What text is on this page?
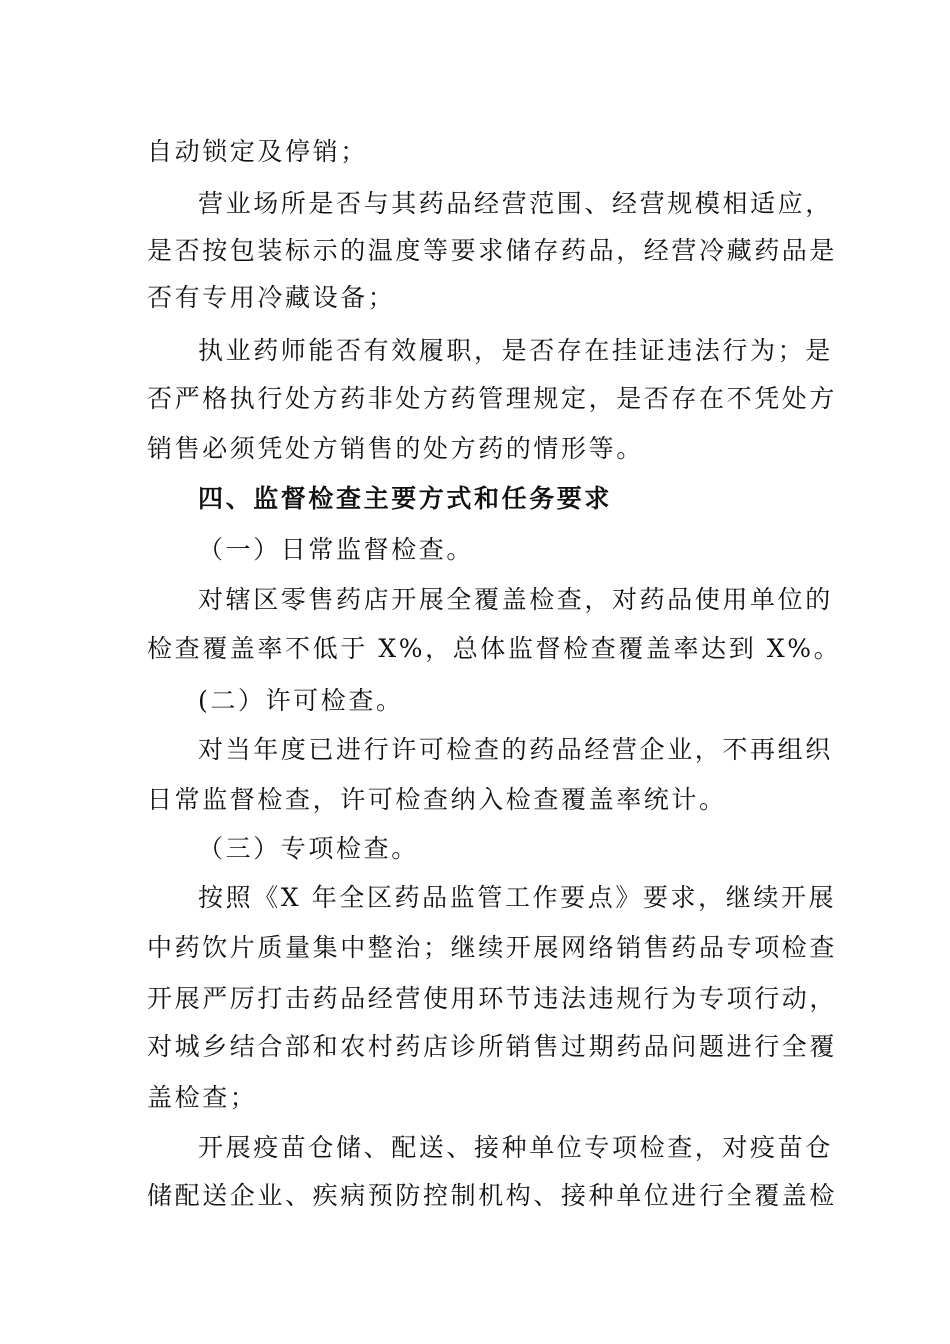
自动锁定及停销；
营业场所是否与其药品经营范围、经营规模相适应，
是否按包装标示的温度等要求储存药品，经营冷藏药品是
否有专用冷藏设备；
执业药师能否有效履职，是否存在挂证违法行为；是
否严格执行处方药非处方药管理规定，是否存在不凭处方
销售必须凭处方销售的处方药的情形等。
四、监督检查主要方式和任务要求
（一）日常监督检查。
对辖区零售药店开展全覆盖检查，对药品使用单位的
检查覆盖率不低于 X%，总体监督检查覆盖率达到 X%。
(二）许可检查。
对当年度已进行许可检查的药品经营企业，不再组织
日常监督检查，许可检查纳入检查覆盖率统计。
（三）专项检查。
按照《X 年全区药品监管工作要点》要求，继续开展
中药饮片质量集中整治；继续开展网络销售药品专项检查
开展严厉打击药品经营使用环节违法违规行为专项行动，
对城乡结合部和农村药店诊所销售过期药品问题进行全覆
盖检查；
开展疫苗仓储、配送、接种单位专项检查，对疫苗仓
储配送企业、疾病预防控制机构、接种单位进行全覆盖检
